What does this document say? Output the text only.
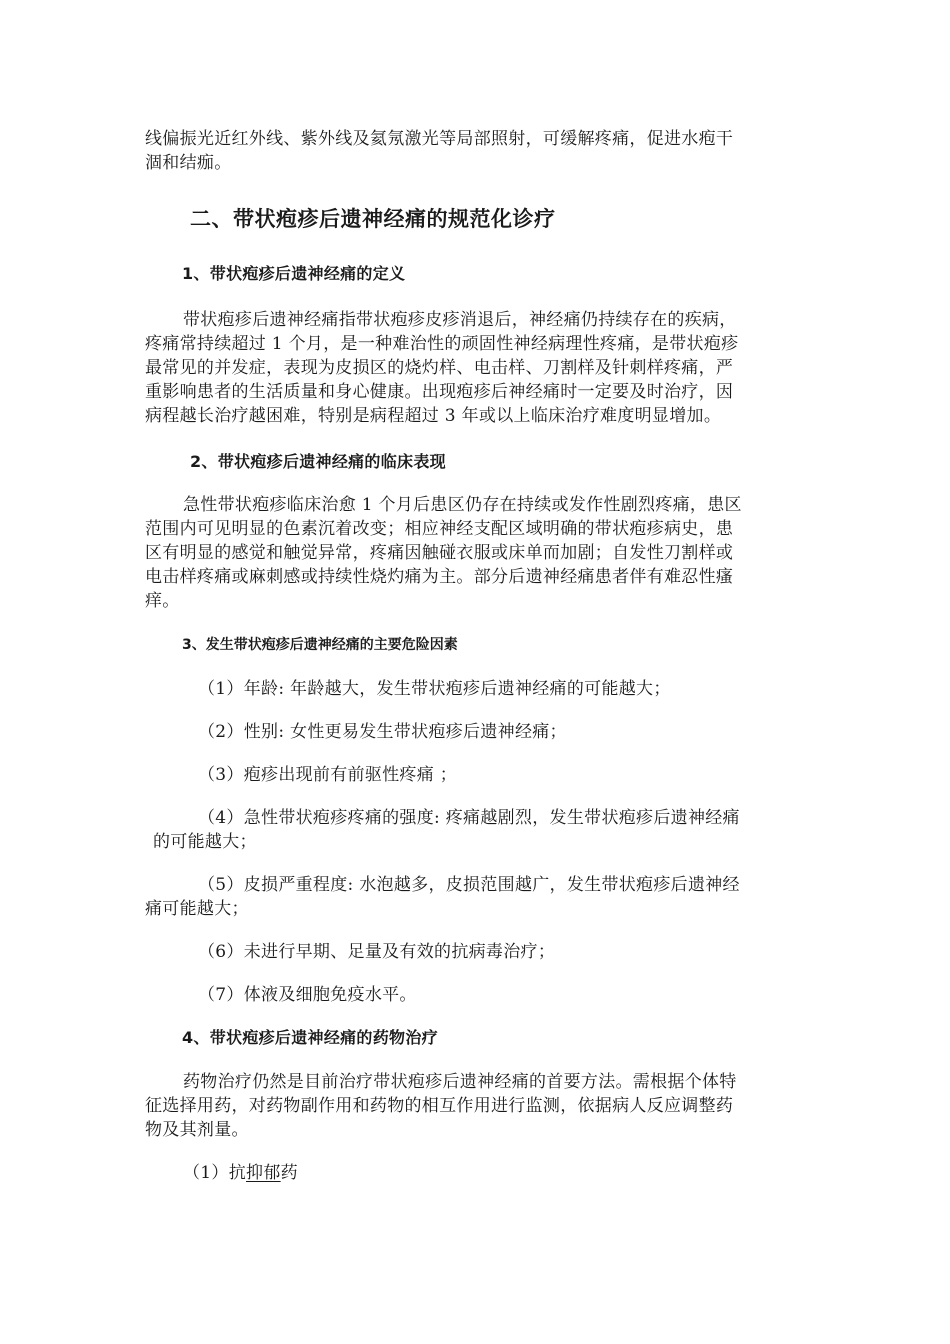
线偏振光近红外线、紫外线及氦氖激光等局部照射，可缓解疼痛，促进水疱干

涸和结痂。

二、带状疱疹后遗神经痛的规范化诊疗
1、带状疱疹后遗神经痛的定义

带状疱疹后遗神经痛指带状疱疹皮疹消退后，神经痛仍持续存在的疾病，

疼痛常持续超过 1 个月，是一种难治性的顽固性神经病理性疼痛，是带状疱疹

最常见的并发症，表现为皮损区的烧灼样、电击样、刀割样及针刺样疼痛，严

重影响患者的生活质量和身心健康。出现疱疹后神经痛时一定要及时治疗，因

病程越长治疗越困难，特别是病程超过 3 年或以上临床治疗难度明显增加。

2、带状疱疹后遗神经痛的临床表现

急性带状疱疹临床治愈 1 个月后患区仍存在持续或发作性剧烈疼痛，患区

范围内可见明显的色素沉着改变；相应神经支配区域明确的带状疱疹病史，患

区有明显的感觉和触觉异常，疼痛因触碰衣服或床单而加剧；自发性刀割样或

电击样疼痛或麻刺感或持续性烧灼痛为主。部分后遗神经痛患者伴有难忍性瘙

痒。

3、发生带状疱疹后遗神经痛的主要危险因素

（1）年龄: 年龄越大，发生带状疱疹后遗神经痛的可能越大；

（2）性别: 女性更易发生带状疱疹后遗神经痛；

（3）疱疹出现前有前驱性疼痛 ；

（4）急性带状疱疹疼痛的强度: 疼痛越剧烈，发生带状疱疹后遗神经痛

的可能越大；

（5）皮损严重程度: 水泡越多，皮损范围越广，发生带状疱疹后遗神经

痛可能越大；

（6）未进行早期、足量及有效的抗病毒治疗；

（7）体液及细胞免疫水平。

4、带状疱疹后遗神经痛的药物治疗

药物治疗仍然是目前治疗带状疱疹后遗神经痛的首要方法。需根据个体特

征选择用药，对药物副作用和药物的相互作用进行监测，依据病人反应调整药

物及其剂量。

（1）抗抑郁药
